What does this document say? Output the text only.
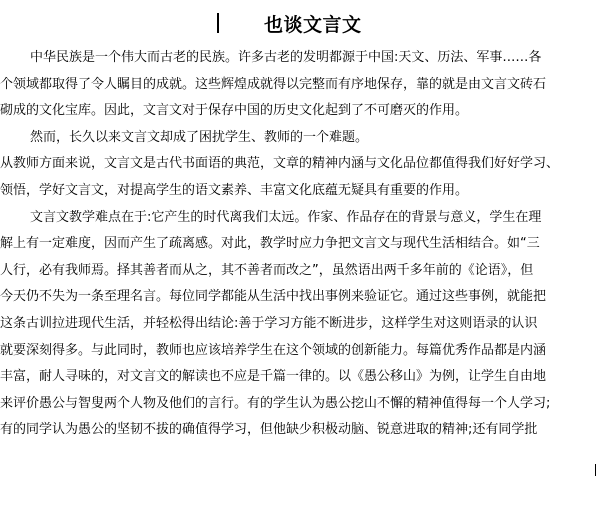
也谈文言文
中华民族是一个伟大而古老的民族。许多古老的发明都源于中国:天文、历法、军事……各
个领域都取得了令人瞩目的成就。这些辉煌成就得以完整而有序地保存，靠的就是由文言文砖石
砌成的文化宝库。因此，文言文对于保存中国的历史文化起到了不可磨灭的作用。
然而，长久以来文言文却成了困扰学生、教师的一个难题。
从教师方面来说，文言文是古代书面语的典范，文章的精神内涵与文化品位都值得我们好好学习、
领悟，学好文言文，对提高学生的语文素养、丰富文化底蕴无疑具有重要的作用。
文言文教学难点在于:它产生的时代离我们太远。作家、作品存在的背景与意义，学生在理
解上有一定难度，因而产生了疏离感。对此，教学时应力争把文言文与现代生活相结合。如“三
人行，必有我师焉。择其善者而从之，其不善者而改之”，虽然语出两千多年前的《论语》，但
今天仍不失为一条至理名言。每位同学都能从生活中找出事例来验证它。通过这些事例，就能把
这条古训拉进现代生活，并轻松得出结论:善于学习方能不断进步，这样学生对这则语录的认识
就要深刻得多。与此同时，教师也应该培养学生在这个领域的创新能力。每篇优秀作品都是内涵
丰富，耐人寻味的，对文言文的解读也不应是千篇一律的。以《愚公移山》为例，让学生自由地
来评价愚公与智叟两个人物及他们的言行。有的学生认为愚公挖山不懈的精神值得每一个人学习;
有的同学认为愚公的坚韧不拔的确值得学习，但他缺少积极动脑、锐意进取的精神;还有同学批
